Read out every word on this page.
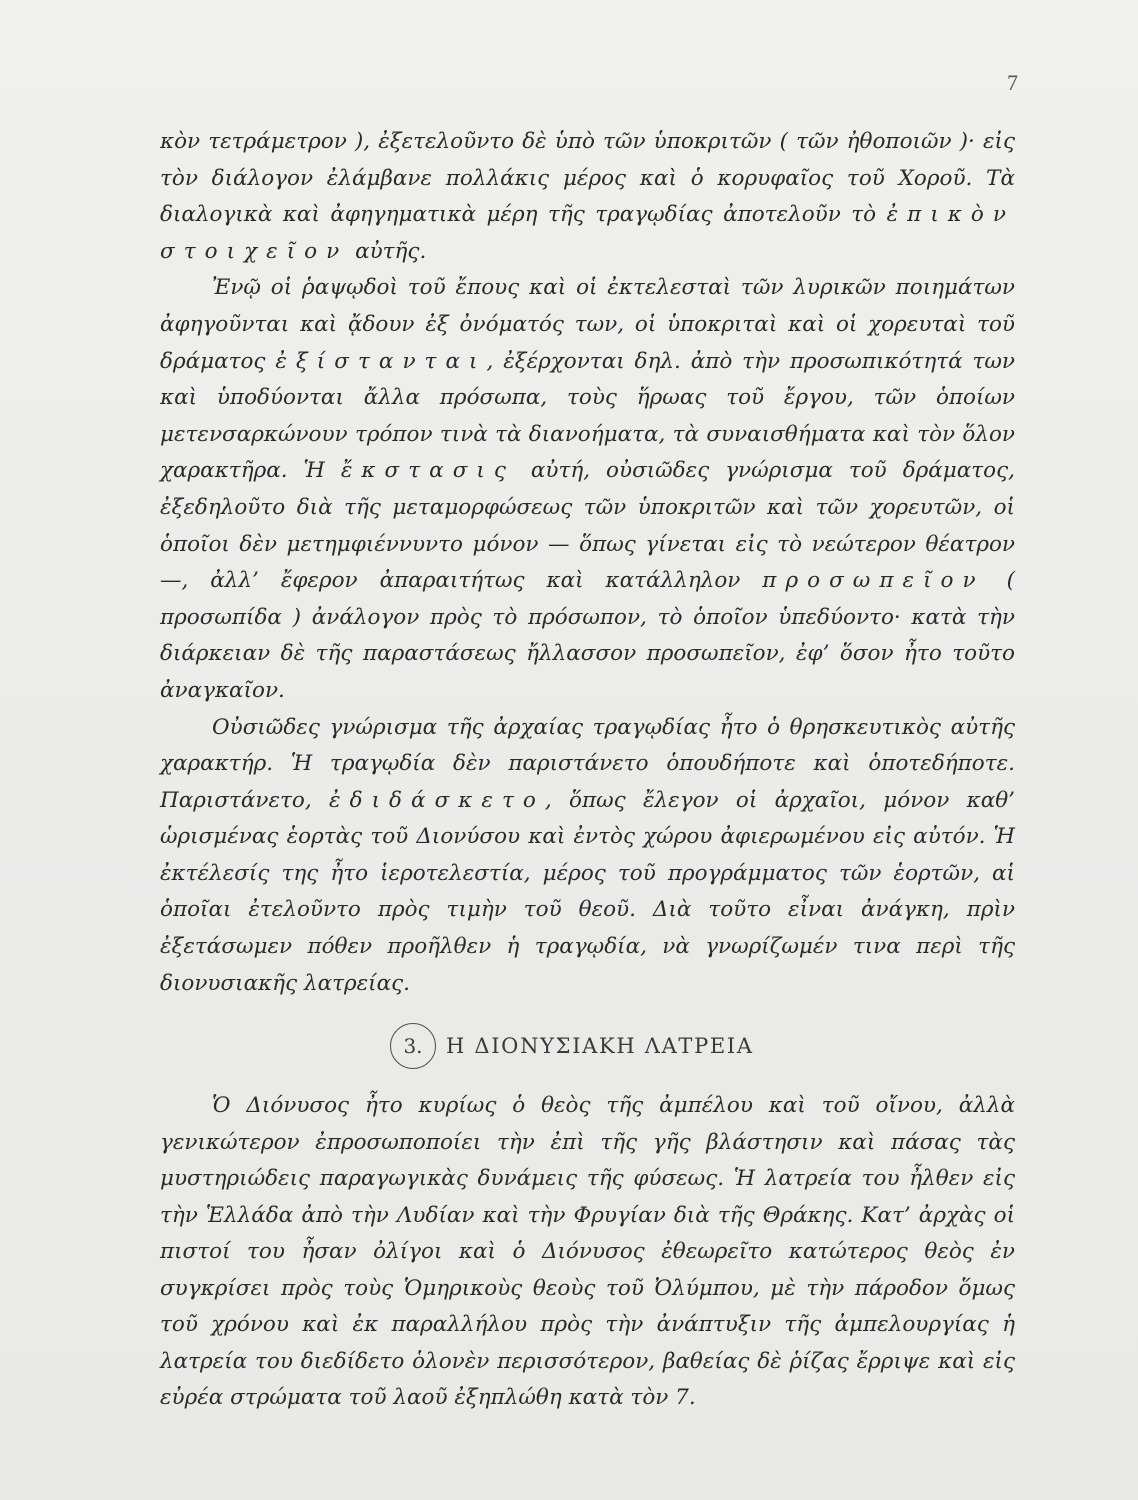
7

κὸν τετράμετρον ), ἐξετελοῦντο δὲ ὑπὸ τῶν ὑποκριτῶν ( τῶν ἠθοποιῶν )· εἰς τὸν διάλογον ἐλάμβανε πολλάκις μέρος καὶ ὁ κορυφαῖος τοῦ Χοροῦ. Τὰ διαλογικὰ καὶ ἀφηγηματικὰ μέρη τῆς τραγῳδίας ἀποτελοῦν τὸ ἐπικὸν στοιχεῖον αὐτῆς.

Ἐνῷ οἱ ῥαψῳδοὶ τοῦ ἔπους καὶ οἱ ἐκτελεσταὶ τῶν λυρικῶν ποιημάτων ἀφηγοῦνται καὶ ᾄδουν ἐξ ὀνόματός των, οἱ ὑποκριταὶ καὶ οἱ χορευταὶ τοῦ δράματος ἐξίστανται, ἐξέρχονται δηλ. ἀπὸ τὴν προσωπικότητά των καὶ ὑποδύονται ἄλλα πρόσωπα, τοὺς ἥρωας τοῦ ἔργου, τῶν ὁποίων μετενσαρκώνουν τρόπον τινὰ τὰ διανοήματα, τὰ συναισθήματα καὶ τὸν ὅλον χαρακτῆρα. Ἡ ἔκστασις αὐτή, οὐσιῶδες γνώρισμα τοῦ δράματος, ἐξεδηλοῦτο διὰ τῆς μεταμορφώσεως τῶν ὑποκριτῶν καὶ τῶν χορευτῶν, οἱ ὁποῖοι δὲν μετημφιέννυντο μόνον — ὅπως γίνεται εἰς τὸ νεώτερον θέατρον —, ἀλλ’ ἔφερον ἀπαραιτήτως καὶ κατάλληλον προσωπεῖον ( προσωπίδα ) ἀνάλογον πρὸς τὸ πρόσωπον, τὸ ὁποῖον ὑπεδύοντο· κατὰ τὴν διάρκειαν δὲ τῆς παραστάσεως ἤλλασσον προσωπεῖον, ἐφ’ ὅσον ἦτο τοῦτο ἀναγκαῖον.

Οὐσιῶδες γνώρισμα τῆς ἀρχαίας τραγῳδίας ἦτο ὁ θρησκευτικὸς αὐτῆς χαρακτήρ. Ἡ τραγῳδία δὲν παριστάνετο ὁπουδήποτε καὶ ὁποτεδήποτε. Παριστάνετο, ἐδιδάσκετο, ὅπως ἔλεγον οἱ ἀρχαῖοι, μόνον καθ’ ὡρισμένας ἑορτὰς τοῦ Διονύσου καὶ ἐντὸς χώρου ἀφιερωμένου εἰς αὐτόν. Ἡ ἐκτέλεσίς της ἦτο ἱεροτελεστία, μέρος τοῦ προγράμματος τῶν ἑορτῶν, αἱ ὁποῖαι ἐτελοῦντο πρὸς τιμὴν τοῦ θεοῦ. Διὰ τοῦτο εἶναι ἀνάγκη, πρὶν ἐξετάσωμεν πόθεν προῆλθεν ἡ τραγῳδία, νὰ γνωρίζωμέν τινα περὶ τῆς διονυσιακῆς λατρείας.

3.	Η ΔΙΟΝΥΣΙΑΚΗ ΛΑΤΡΕΙΑ

Ὁ Διόνυσος ἦτο κυρίως ὁ θεὸς τῆς ἀμπέλου καὶ τοῦ οἴνου, ἀλλὰ γενικώτερον ἐπροσωποποίει τὴν ἐπὶ τῆς γῆς βλάστησιν καὶ πάσας τὰς μυστηριώδεις παραγωγικὰς δυνάμεις τῆς φύσεως. Ἡ λατρεία του ἦλθεν εἰς τὴν Ἑλλάδα ἀπὸ τὴν Λυδίαν καὶ τὴν Φρυγίαν διὰ τῆς Θράκης. Κατ’ ἀρχὰς οἱ πιστοί του ἦσαν ὀλίγοι καὶ ὁ Διόνυσος ἐθεωρεῖτο κατώτερος θεὸς ἐν συγκρίσει πρὸς τοὺς Ὁμηρικοὺς θεοὺς τοῦ Ὀλύμπου, μὲ τὴν πάροδον ὅμως τοῦ χρόνου καὶ ἐκ παραλλήλου πρὸς τὴν ἀνάπτυξιν τῆς ἀμπελουργίας ἡ λατρεία του διεδίδετο ὁλονὲν περισσότερον, βαθείας δὲ ῥίζας ἔρριψε καὶ εἰς εὐρέα στρώματα τοῦ λαοῦ ἐξηπλώθη κατὰ τὸν 7.
